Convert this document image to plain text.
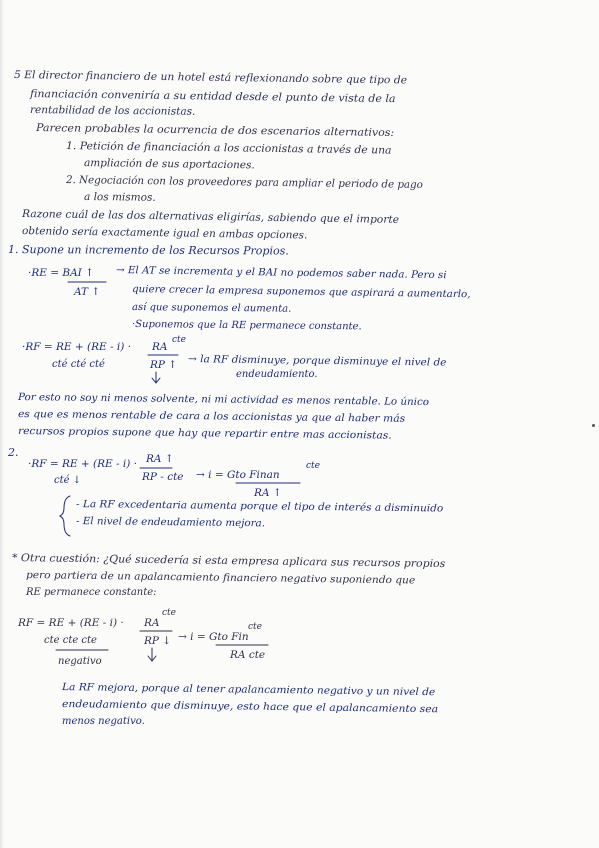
5 El director financiero de un hotel está reflexionando sobre que tipo de
financiación conveniría a su entidad desde el punto de vista de la
rentabilidad de los accionistas.
Parecen probables la ocurrencia de dos escenarios alternativos:
1. Petición de financiación a los accionistas a través de una
ampliación de sus aportaciones.
2. Negociación con los proveedores para ampliar el periodo de pago
a los mismos.
Razone cuál de las dos alternativas eligirías, sabiendo que el importe
obtenido sería exactamente igual en ambas opciones.
1. Supone un incremento de los Recursos Propios.
·RE = BAI ↑ → El AT se incrementa y el BAI no podemos saber nada. Pero si
AT ↑	quiere crecer la empresa suponemos que aspirará a aumentarlo,
así que suponemos el aumenta.
·Suponemos que la RE permanece constante.
·RF = RE + (RE - i) · RA
cte
cté cté cté	RP ↑ → la RF disminuye, porque disminuye el nivel de
endeudamiento.
Por esto no soy ni menos solvente, ni mi actividad es menos rentable. Lo único
es que es menos rentable de cara a los accionistas ya que al haber más
recursos propios supone que hay que repartir entre mas accionistas.
2.
·RF = RE + (RE - i) · RA ↑
cté ↓	RP - cte → i = Gto Finan
cte
RA ↑
- La RF excedentaria aumenta porque el tipo de interés a disminuido
- El nivel de endeudamiento mejora.
* Otra cuestión: ¿Qué sucedería si esta empresa aplicara sus recursos propios
pero partiera de un apalancamiento financiero negativo suponiendo que
RE permanece constante:
RF = RE + (RE - i) · RA
cte
cte cte cte	RP ↓ → i = Gto Fin
cte
negativo
RA cte
La RF mejora, porque al tener apalancamiento negativo y un nivel de
endeudamiento que disminuye, esto hace que el apalancamiento sea
menos negativo.
